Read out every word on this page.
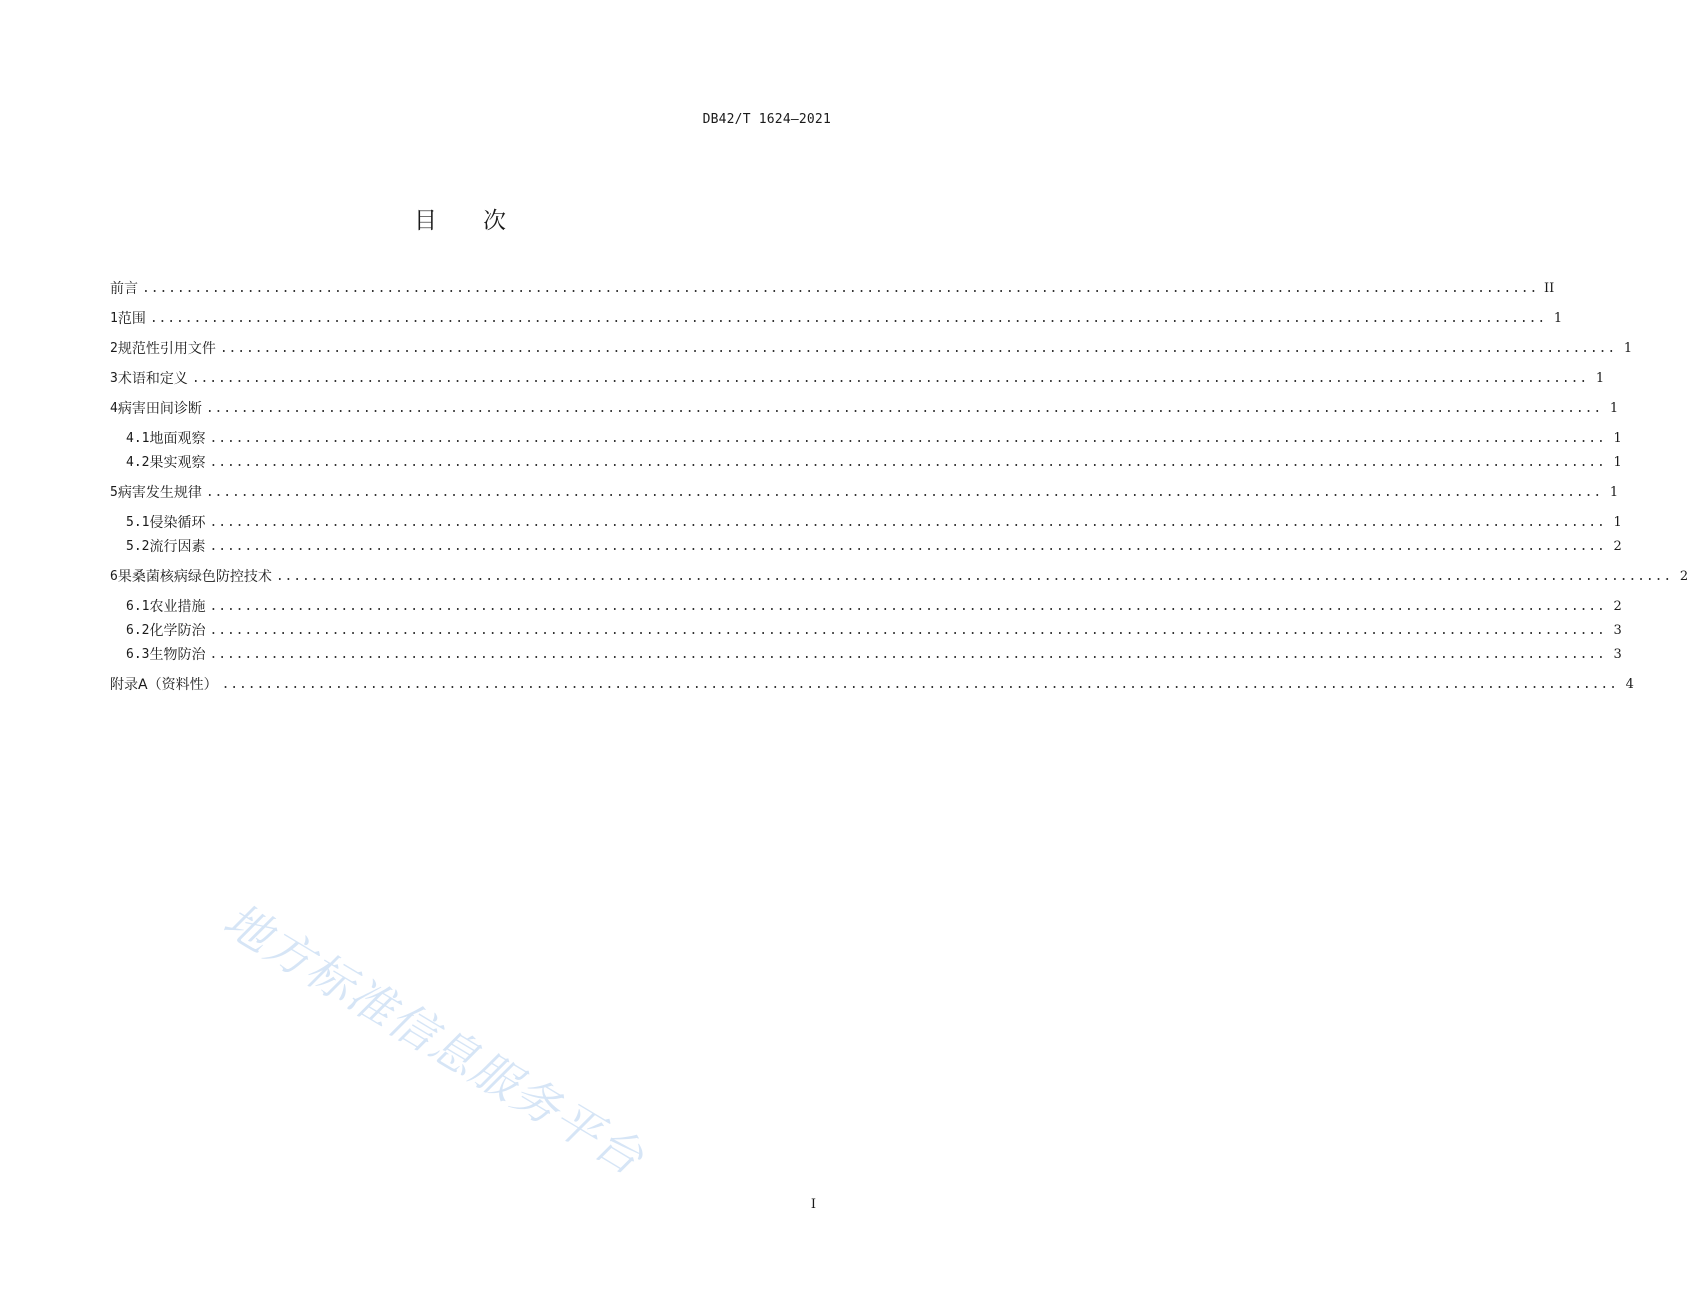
DB42/T 1624—2021
目 次
前言 ................................................................................................................................................................ II
1 范围 ................................................................................................................................................................ 1
2 规范性引用文件 ................................................................................................................................................................ 1
3 术语和定义 ................................................................................................................................................................ 1
4 病害田间诊断 ................................................................................................................................................................ 1
4.1 地面观察 ................................................................................................................................................................ 1
4.2 果实观察 ................................................................................................................................................................ 1
5 病害发生规律 ................................................................................................................................................................ 1
5.1 侵染循环 ................................................................................................................................................................ 1
5.2 流行因素 ................................................................................................................................................................ 2
6 果桑菌核病绿色防控技术 ................................................................................................................................................................ 2
6.1 农业措施 ................................................................................................................................................................ 2
6.2 化学防治 ................................................................................................................................................................ 3
6.3 生物防治 ................................................................................................................................................................ 3
附录A（资料性） ................................................................................................................................................................ 4
地方标准信息服务平台
I
